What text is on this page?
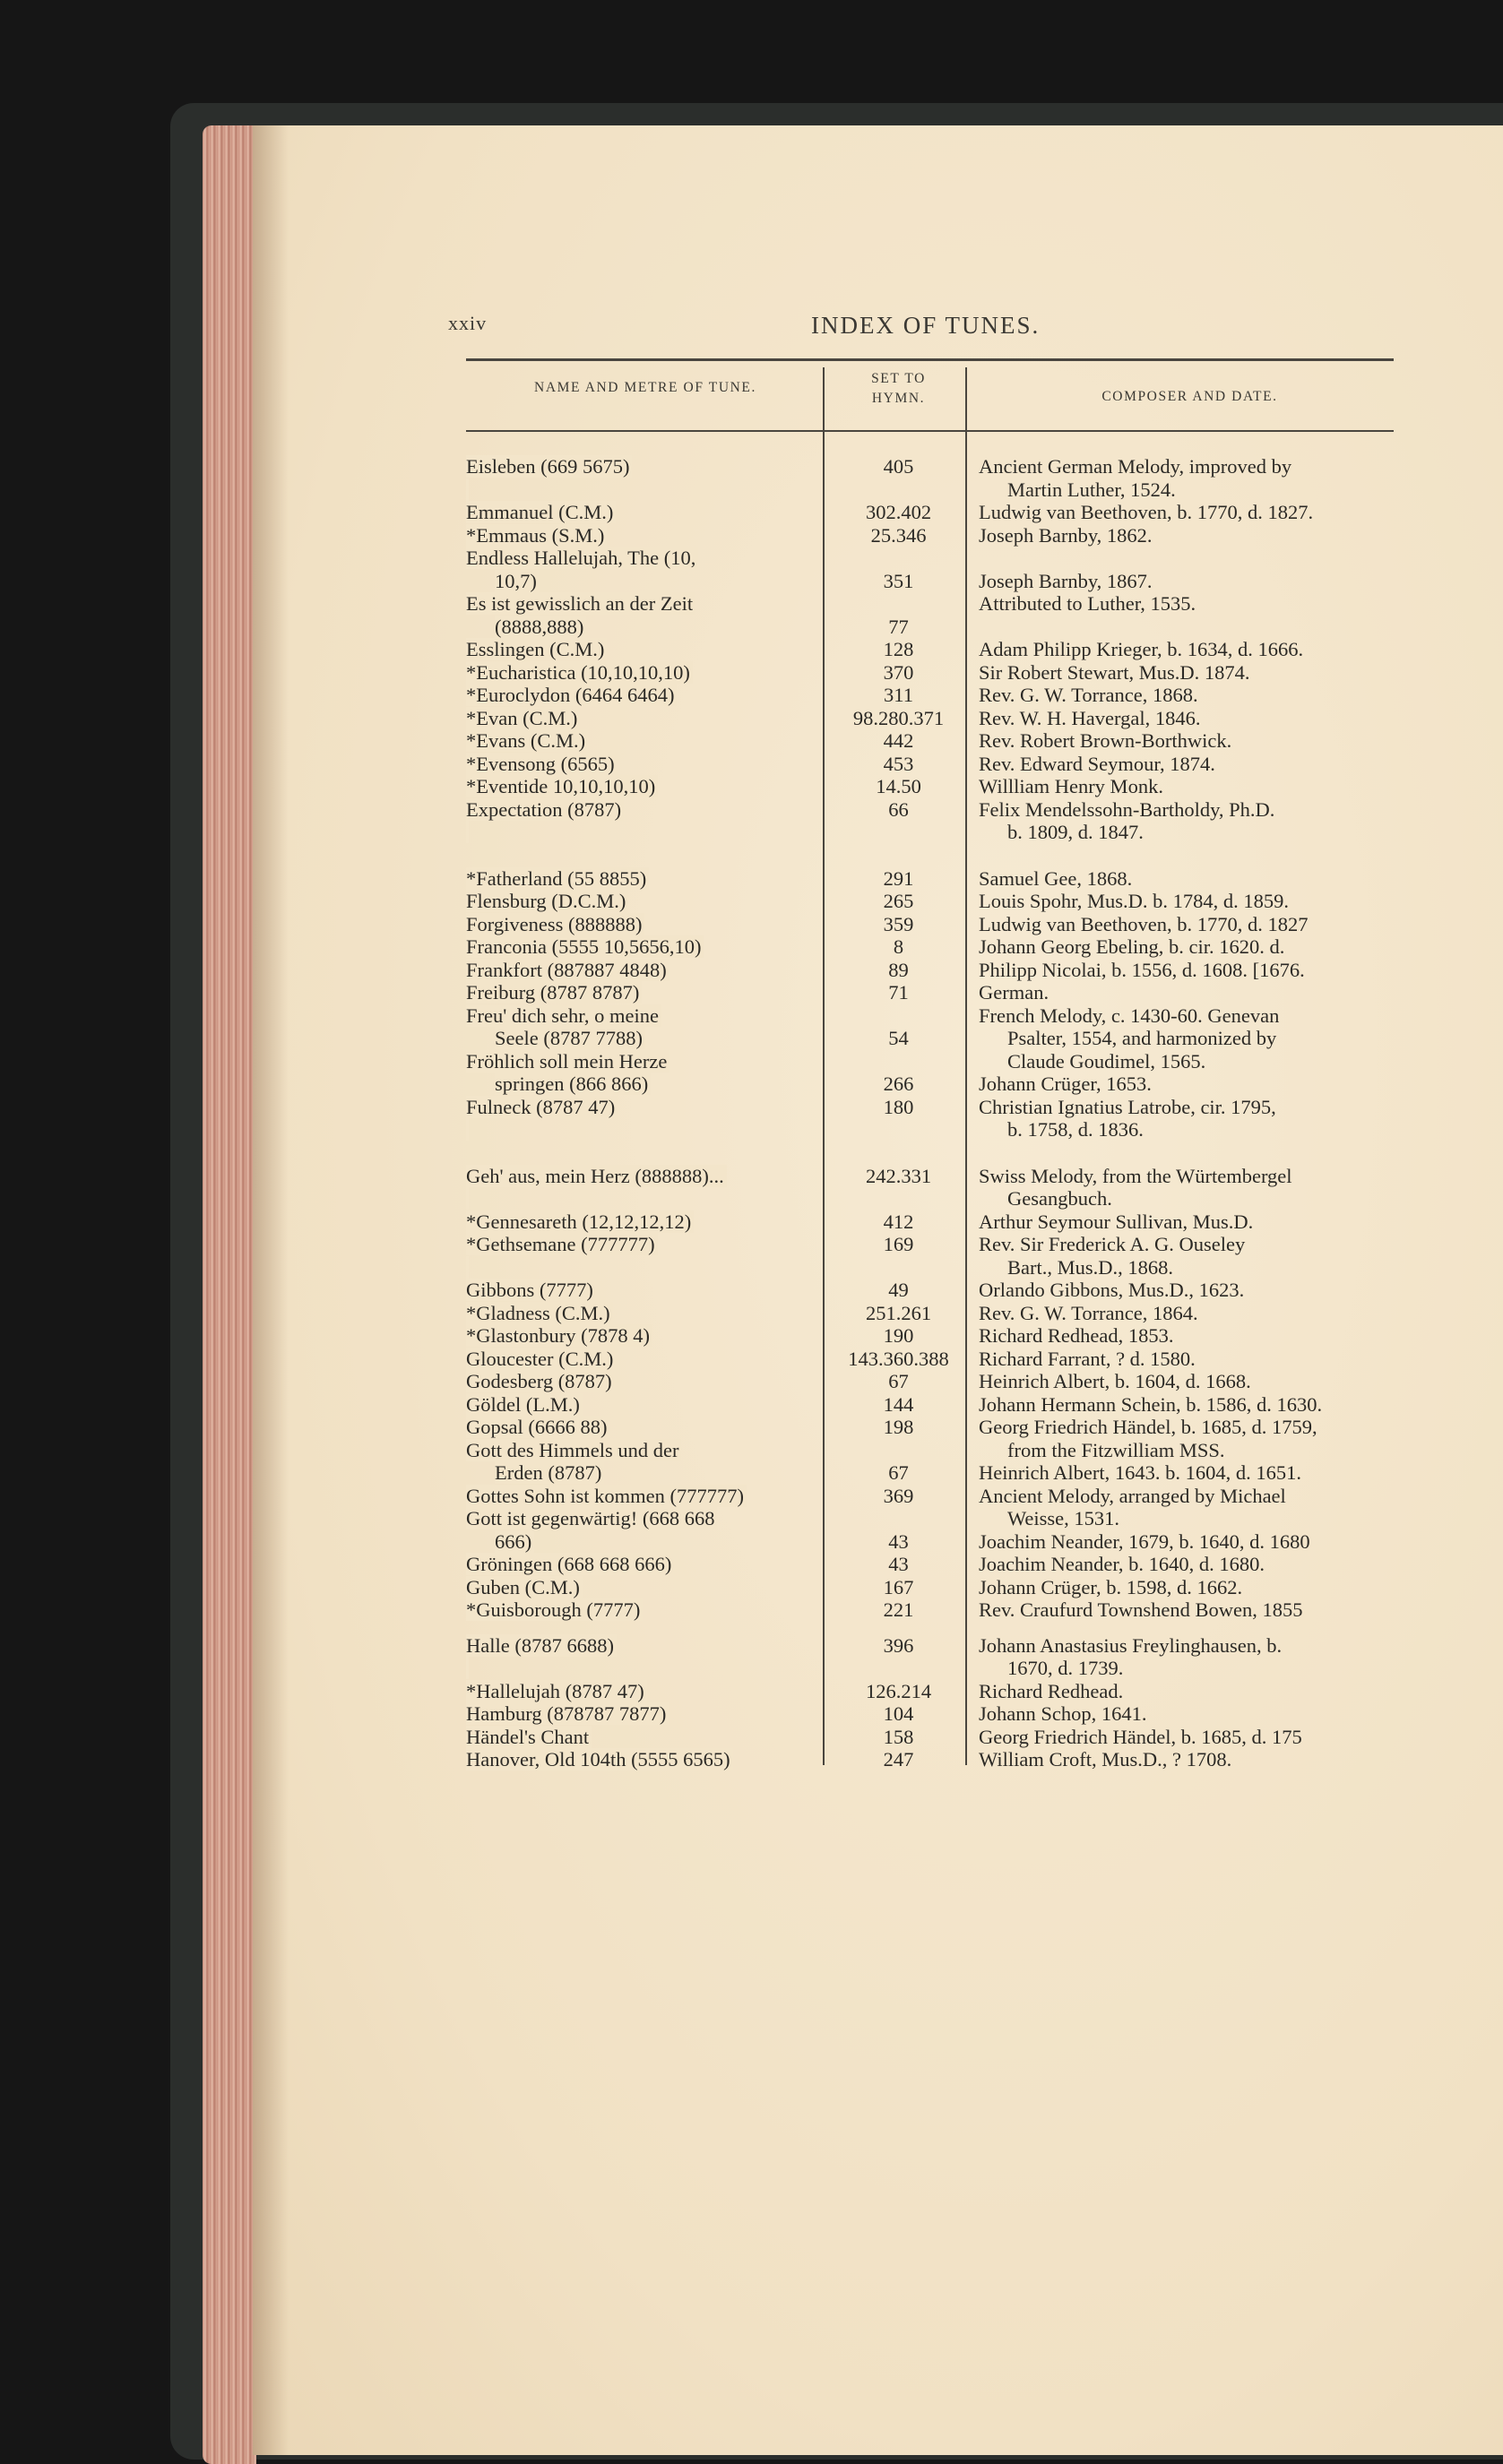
xxiv	INDEX OF TUNES.
NAME AND METRE OF TUNE.
SET TO
HYMN.	COMPOSER AND DATE.
Eisleben (669 5675) .....	405	Ancient German Melody, improved by
Martin Luther, 1524.
Emmanuel (C.M.) .....	302.402	Ludwig van Beethoven, b. 1770, d. 1827.
*Emmaus (S.M.) .....	25.346	Joseph Barnby, 1862.
Endless Hallelujah, The (10, .....
10,7) .....	351	Joseph Barnby, 1867.
Es ist gewisslich an der Zeit .....	Attributed to Luther, 1535.
(8888,888) .....	77
Esslingen (C.M.) .....	128	Adam Philipp Krieger, b. 1634, d. 1666.
*Eucharistica (10,10,10,10) .....	370	Sir Robert Stewart, Mus.D. 1874.
*Euroclydon (6464 6464) .....	311	Rev. G. W. Torrance, 1868.
*Evan (C.M.) .....	98.280.371	Rev. W. H. Havergal, 1846.
*Evans (C.M.) .....	442	Rev. Robert Brown-Borthwick.
*Evensong (6565) .....	453	Rev. Edward Seymour, 1874.
*Eventide 10,10,10,10) .....	14.50	Willliam Henry Monk.
Expectation (8787) .....	66	Felix Mendelssohn-Bartholdy, Ph.D.
b. 1809, d. 1847.
*Fatherland (55 8855) .....	291	Samuel Gee, 1868.
Flensburg (D.C.M.) .....	265	Louis Spohr, Mus.D. b. 1784, d. 1859.
Forgiveness (888888) .....	359	Ludwig van Beethoven, b. 1770, d. 1827
Franconia (5555 10,5656,10) .....	8	Johann Georg Ebeling, b. cir. 1620. d.
Frankfort (887887 4848) .....	89	Philipp Nicolai, b. 1556, d. 1608. [1676.
Freiburg (8787 8787) .....	71	German.
Freu' dich sehr, o meine .....	French Melody, c. 1430-60. Genevan
Seele (8787 7788) .....	54	Psalter, 1554, and harmonized by
Fröhlich soll mein Herze .....	Claude Goudimel, 1565.
springen (866 866) .....	266	Johann Crüger, 1653.
Fulneck (8787 47) .....	180	Christian Ignatius Latrobe, cir. 1795,
b. 1758, d. 1836.
Geh' aus, mein Herz (888888)... .....	242.331	Swiss Melody, from the Würtembergel
Gesangbuch.
*Gennesareth (12,12,12,12) .....	412	Arthur Seymour Sullivan, Mus.D.
*Gethsemane (777777) .....	169	Rev. Sir Frederick A. G. Ouseley
Bart., Mus.D., 1868.
Gibbons (7777) .....	49	Orlando Gibbons, Mus.D., 1623.
*Gladness (C.M.) .....	251.261	Rev. G. W. Torrance, 1864.
*Glastonbury (7878 4) .....	190	Richard Redhead, 1853.
Gloucester (C.M.) .....	143.360.388	Richard Farrant, ? d. 1580.
Godesberg (8787) .....	67	Heinrich Albert, b. 1604, d. 1668.
Göldel (L.M.) .....	144	Johann Hermann Schein, b. 1586, d. 1630.
Gopsal (6666 88) .....	198	Georg Friedrich Händel, b. 1685, d. 1759,
Gott des Himmels und der .....	from the Fitzwilliam MSS.
Erden (8787) .....	67	Heinrich Albert, 1643. b. 1604, d. 1651.
Gottes Sohn ist kommen (777777) .....	369	Ancient Melody, arranged by Michael
Gott ist gegenwärtig! (668 668 .....	Weisse, 1531.
666) .....	43	Joachim Neander, 1679, b. 1640, d. 1680
Gröningen (668 668 666) .....	43	Joachim Neander, b. 1640, d. 1680.
Guben (C.M.) .....	167	Johann Crüger, b. 1598, d. 1662.
*Guisborough (7777) .....	221	Rev. Craufurd Townshend Bowen, 1855
Halle (8787 6688) .....	396	Johann Anastasius Freylinghausen, b.
1670, d. 1739.
*Hallelujah (8787 47) .....	126.214	Richard Redhead.
Hamburg (878787 7877) .....	104	Johann Schop, 1641.
Händel's Chant .....	158	Georg Friedrich Händel, b. 1685, d. 175
Hanover, Old 104th (5555 6565) .....	247	William Croft, Mus.D., ? 1708.
